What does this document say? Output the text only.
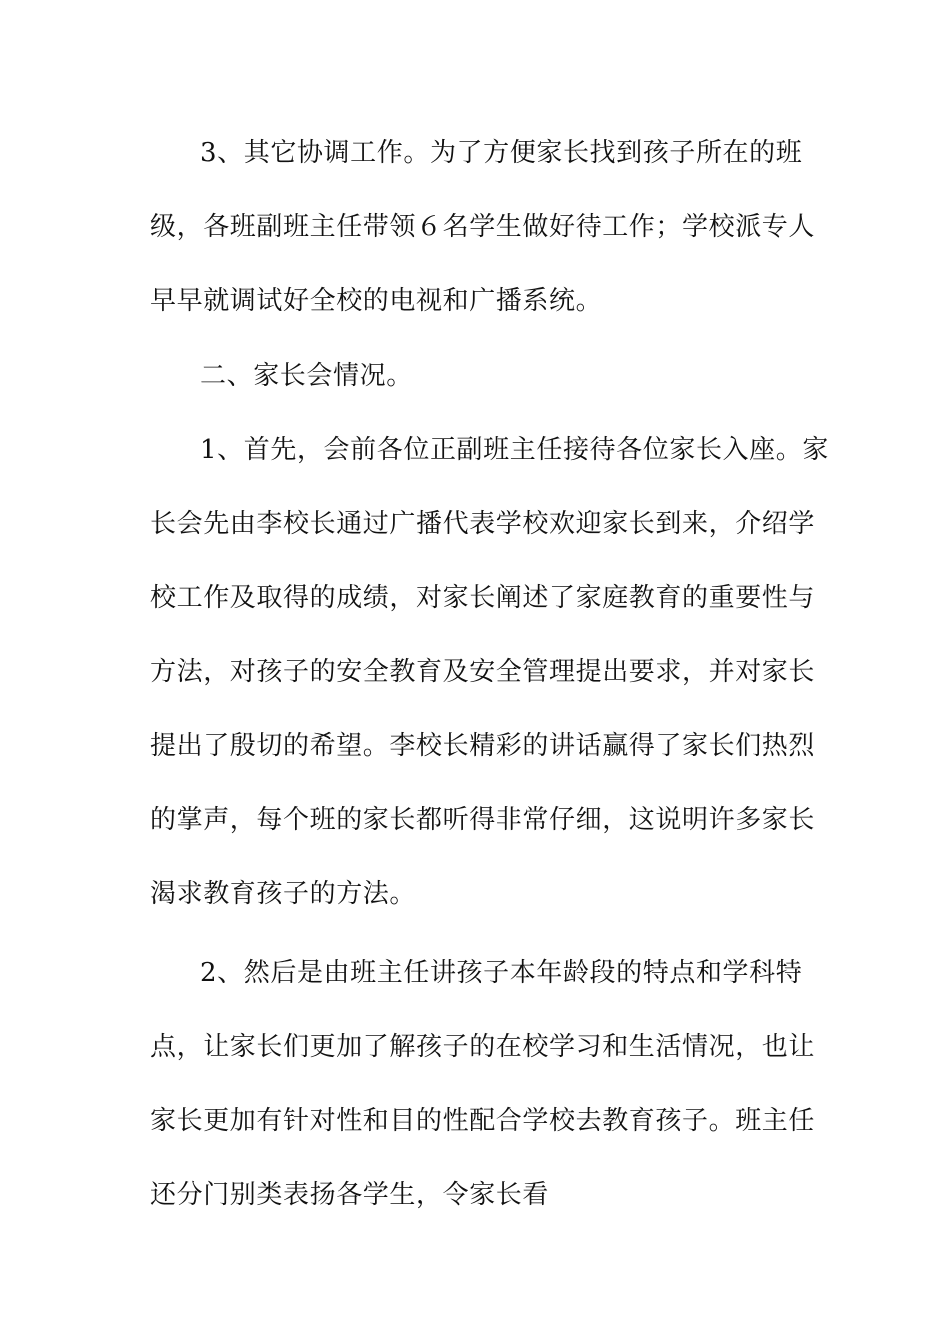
3、其它协调工作。为了方便家长找到孩子所在的班

级，各班副班主任带领６名学生做好待工作；学校派专人

早早就调试好全校的电视和广播系统。

二、家长会情况。

1、首先，会前各位正副班主任接待各位家长入座。家

长会先由李校长通过广播代表学校欢迎家长到来，介绍学

校工作及取得的成绩，对家长阐述了家庭教育的重要性与

方法，对孩子的安全教育及安全管理提出要求，并对家长

提出了殷切的希望。李校长精彩的讲话赢得了家长们热烈

的掌声，每个班的家长都听得非常仔细，这说明许多家长

渴求教育孩子的方法。

2、然后是由班主任讲孩子本年龄段的特点和学科特

点，让家长们更加了解孩子的在校学习和生活情况，也让

家长更加有针对性和目的性配合学校去教育孩子。班主任

还分门别类表扬各学生，令家长看
